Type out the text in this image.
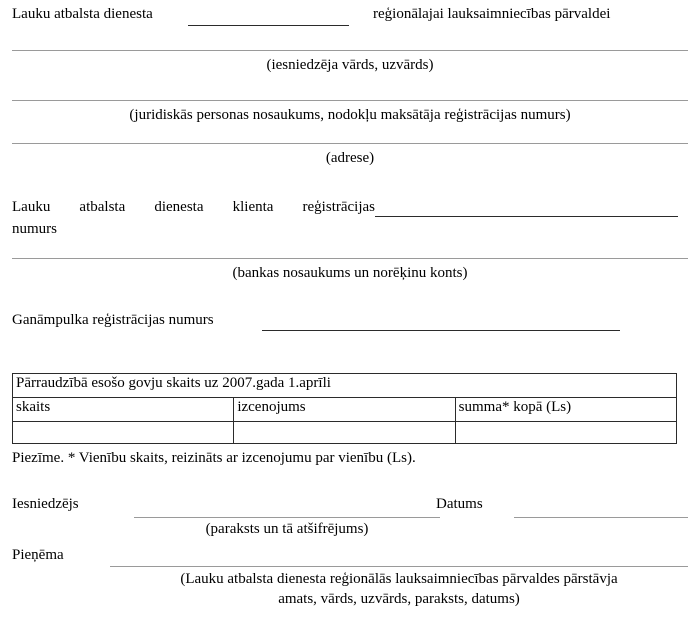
Lauku atbalsta dienesta	reģionālajai lauksaimniecības pārvaldei
(iesniedzēja vārds, uzvārds)
(juridiskās personas nosaukums, nodokļu maksātāja reģistrācijas numurs)
(adrese)
Lauku atbalsta dienesta klienta reģistrācijas
numurs
(bankas nosaukums un norēķinu konts)
Ganāmpulka reģistrācijas numurs
Pārraudzībā esošo govju skaits uz 2007.gada 1.aprīli		
skaits	izcenojums	summa* kopā (Ls)

Piezīme. * Vienību skaits, reizināts ar izcenojumu par vienību (Ls).
Iesniedzējs
(paraksts un tā atšifrējums)
Datums
Pieņēma
(Lauku atbalsta dienesta reģionālās lauksaimniecības pārvaldes pārstāvja
amats, vārds, uzvārds, paraksts, datums)
